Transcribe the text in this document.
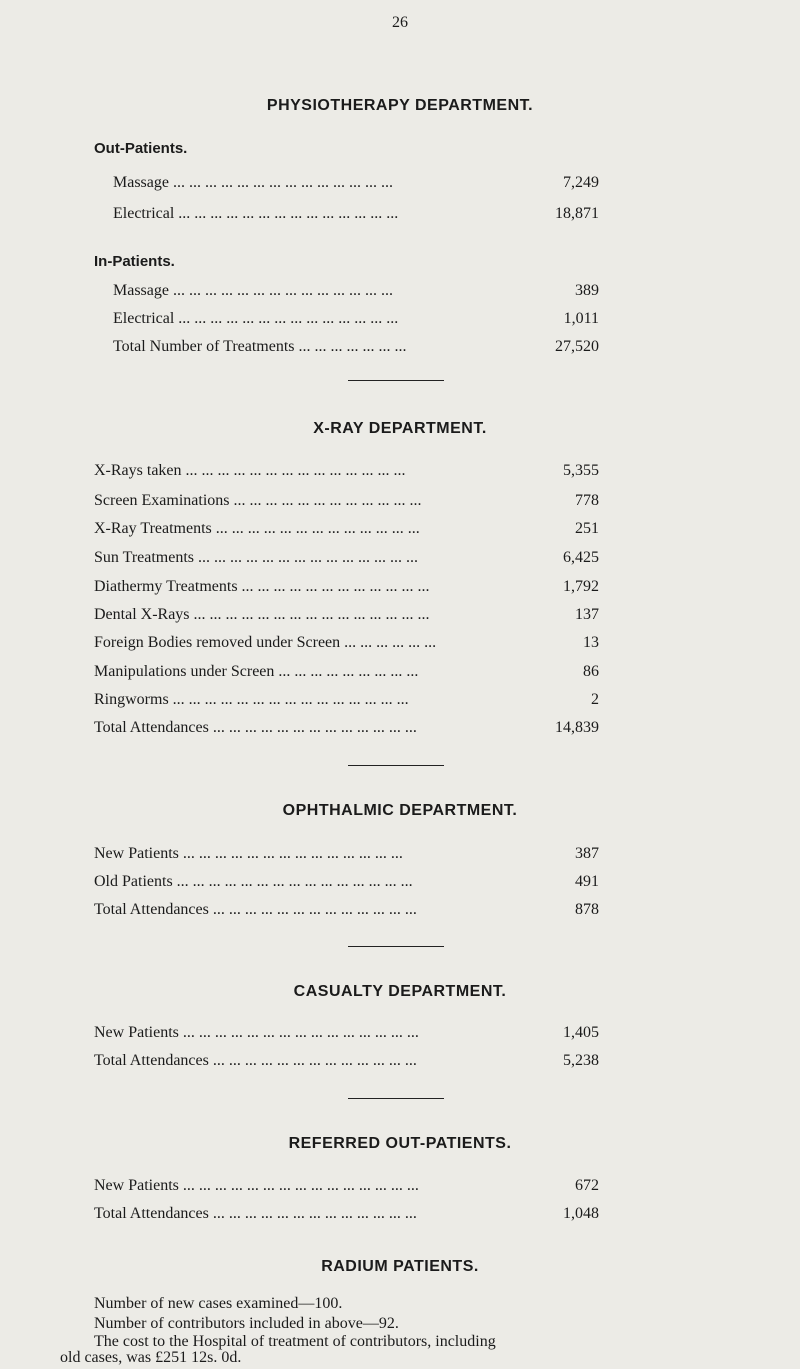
26
PHYSIOTHERAPY DEPARTMENT.
Out-Patients.
Massage ... ... ... ... ... ... ... ... ... ... ... ... ... ...	7,249
Electrical ... ... ... ... ... ... ... ... ... ... ... ... ... ...	18,871
In-Patients.
Massage ... ... ... ... ... ... ... ... ... ... ... ... ... ...	389
Electrical ... ... ... ... ... ... ... ... ... ... ... ... ... ...	1,011
Total Number of Treatments ... ... ... ... ... ... ...	27,520
X-RAY DEPARTMENT.
X-Rays taken ... ... ... ... ... ... ... ... ... ... ... ... ... ...	5,355
Screen Examinations ... ... ... ... ... ... ... ... ... ... ... ...	778
X-Ray Treatments ... ... ... ... ... ... ... ... ... ... ... ... ...	251
Sun Treatments ... ... ... ... ... ... ... ... ... ... ... ... ... ...	6,425
Diathermy Treatments ... ... ... ... ... ... ... ... ... ... ... ...	1,792
Dental X-Rays ... ... ... ... ... ... ... ... ... ... ... ... ... ... ...	137
Foreign Bodies removed under Screen ... ... ... ... ... ...	13
Manipulations under Screen ... ... ... ... ... ... ... ... ...	86
Ringworms ... ... ... ... ... ... ... ... ... ... ... ... ... ... ...	2
Total Attendances ... ... ... ... ... ... ... ... ... ... ... ... ...	14,839
OPHTHALMIC DEPARTMENT.
New Patients ... ... ... ... ... ... ... ... ... ... ... ... ... ...	387
Old Patients ... ... ... ... ... ... ... ... ... ... ... ... ... ... ...	491
Total Attendances ... ... ... ... ... ... ... ... ... ... ... ... ...	878
CASUALTY DEPARTMENT.
New Patients ... ... ... ... ... ... ... ... ... ... ... ... ... ... ...	1,405
Total Attendances ... ... ... ... ... ... ... ... ... ... ... ... ...	5,238
REFERRED OUT-PATIENTS.
New Patients ... ... ... ... ... ... ... ... ... ... ... ... ... ... ...	672
Total Attendances ... ... ... ... ... ... ... ... ... ... ... ... ...	1,048
RADIUM PATIENTS.
Number of new cases examined—100.
Number of contributors included in above—92.
The cost to the Hospital of treatment of contributors, including
old cases, was £251 12s. 0d.
